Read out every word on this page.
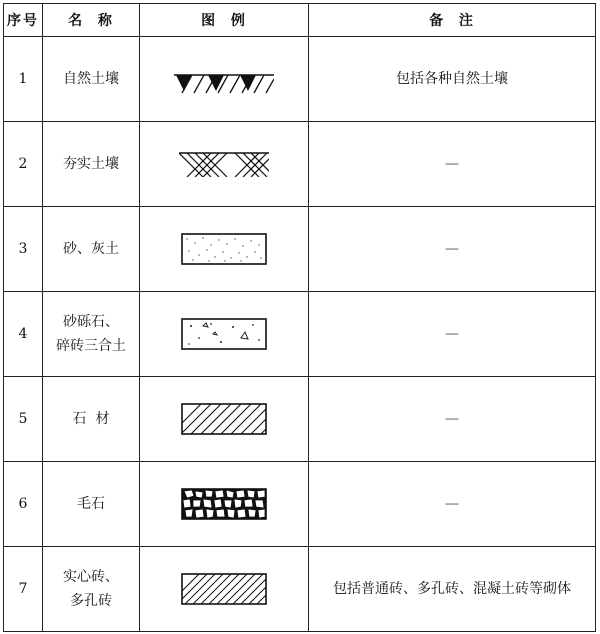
序号	名  称	图  例	备  注
1	自然土壤		包括各种自然土壤
2	夯实土壤		—
3	砂、灰土		—
4	砂砾石、
碎砖三合土		—
5	石  材		—
6	毛石		—
7	实心砖、
多孔砖		包括普通砖、多孔砖、混凝土砖等砌体
